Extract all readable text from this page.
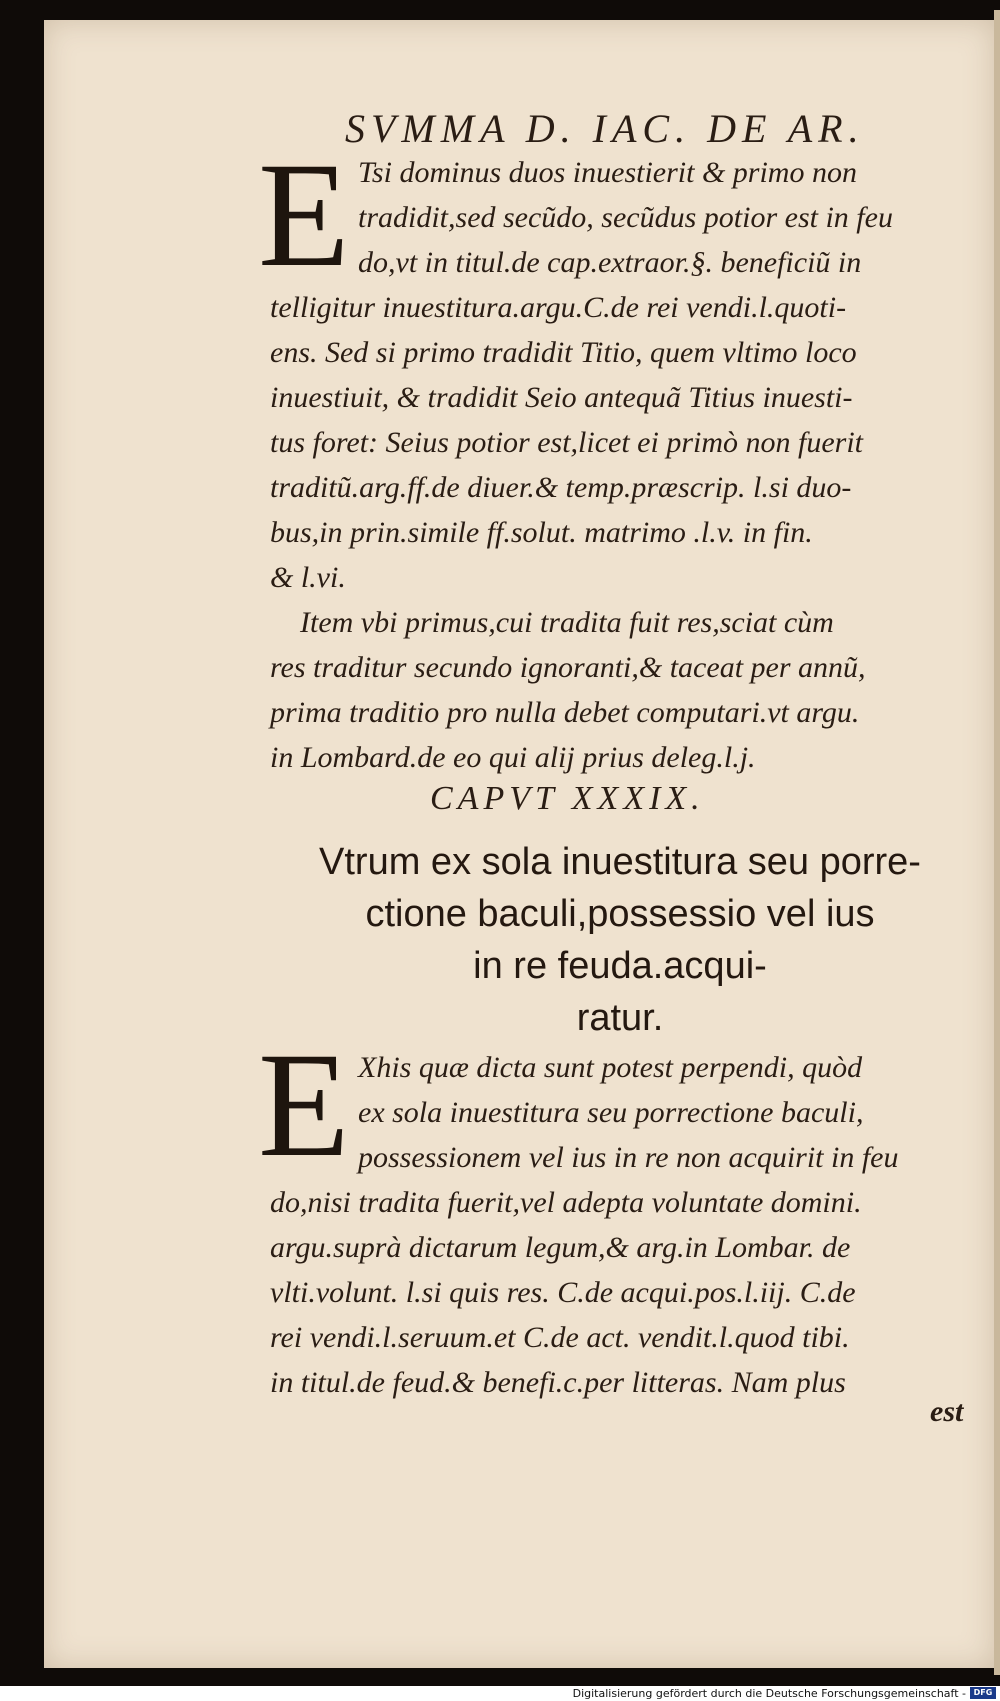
SVMMA D. IAC. DE AR.
E Tsi dominus duos inuestierit & primo non
tradidit,sed secũdo, secũdus potior est in feu
do,vt in titul.de cap.extraor.§. beneficiũ in
telligitur inuestitura.argu.C.de rei vendi.l.quoti-
ens. Sed si primo tradidit Titio, quem vltimo loco
inuestiuit, & tradidit Seio antequã Titius inuesti-
tus foret: Seius potior est,licet ei primò non fuerit
traditũ.arg.ff.de diuer.& temp.præscrip. l.si duo-
bus,in prin.simile ff.solut. matrimo .l.v. in fin.
& l.vi.
Item vbi primus,cui tradita fuit res,sciat cùm
res traditur secundo ignoranti,& taceat per annũ,
prima traditio pro nulla debet computari.vt argu.
in Lombard.de eo qui alij prius deleg.l.j.
CAPVT XXXIX.
Vtrum ex sola inuestitura seu porre-
ctione baculi,possessio vel ius
in re feuda.acqui-
ratur.
E Xhis quæ dicta sunt potest perpendi, quòd
ex sola inuestitura seu porrectione baculi,
possessionem vel ius in re non acquirit in feu
do,nisi tradita fuerit,vel adepta voluntate domini.
argu.suprà dictarum legum,& arg.in Lombar. de
vlti.volunt. l.si quis res. C.de acqui.pos.l.iij. C.de
rei vendi.l.seruum.et C.de act. vendit.l.quod tibi.
in titul.de feud.& benefi.c.per litteras. Nam plus
est
Digitalisierung gefördert durch die Deutsche Forschungsgemeinschaft - DFG
